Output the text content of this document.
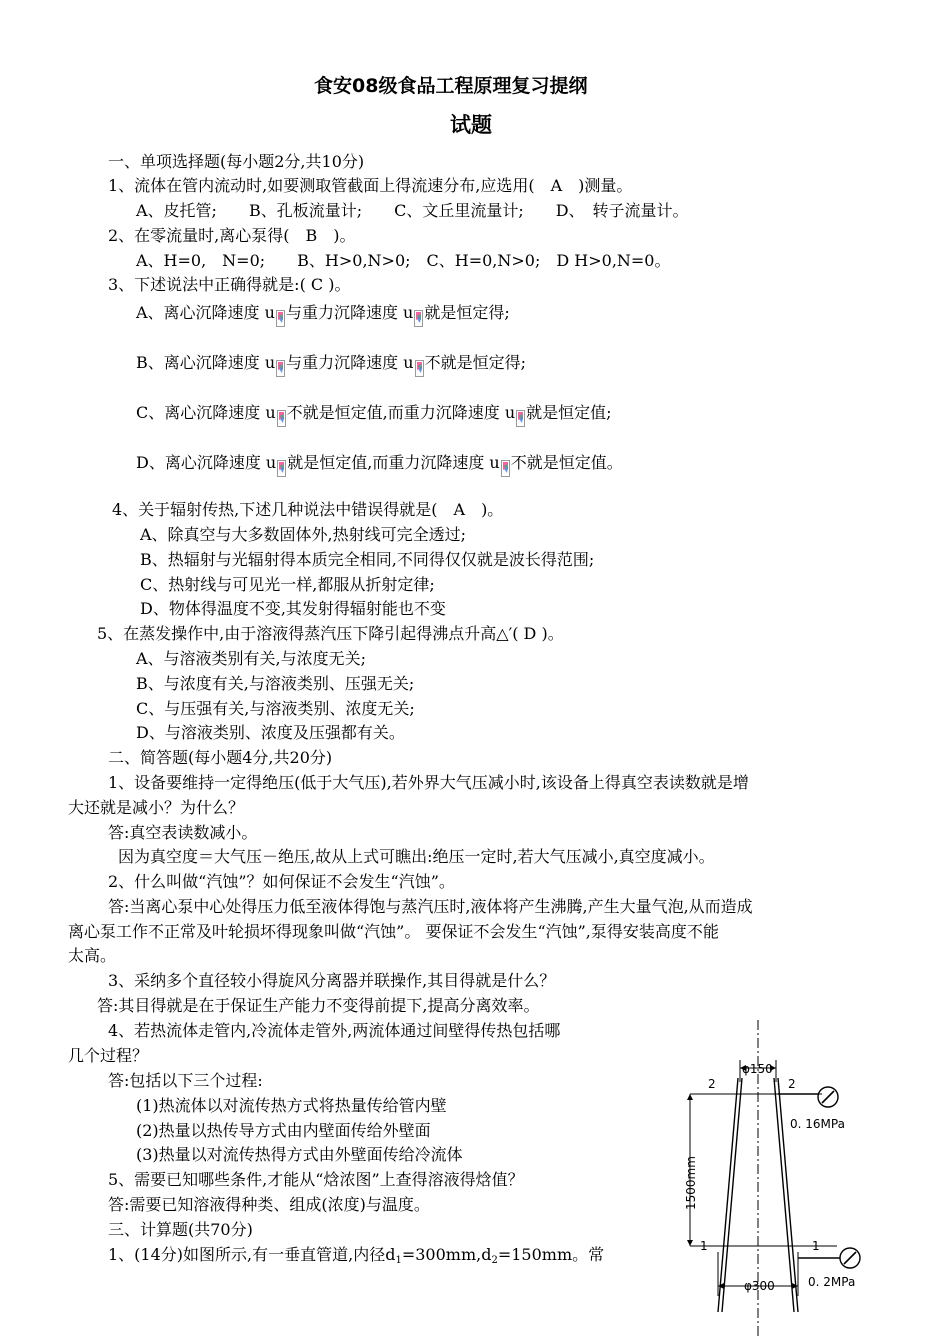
食安08级食品工程原理复习提纲
试题
一、单项选择题(每小题2分,共10分)
1、流体在管内流动时,如要测取管截面上得流速分布,应选用(　A　)测量。
A、皮托管;　　B、孔板流量计;　　C、文丘里流量计;　　D、　转子流量计。
2、在零流量时,离心泵得(　B　)。
A、H=0,　N=0;　　B、H>0,N>0;　C、H=0,N>0;　D H>0,N=0。
3、下述说法中正确得就是:( C )。
A、离心沉降速度 u 与重力沉降速度 u 就是恒定得;
B、离心沉降速度 u 与重力沉降速度 u 不就是恒定得;
C、离心沉降速度 u 不就是恒定值,而重力沉降速度 u 就是恒定值;
D、离心沉降速度 u 就是恒定值,而重力沉降速度 u 不就是恒定值。
4、关于辐射传热,下述几种说法中错误得就是(　A　)。
A、除真空与大多数固体外,热射线可完全透过;
B、热辐射与光辐射得本质完全相同,不同得仅仅就是波长得范围;
C、热射线与可见光一样,都服从折射定律;
D、物体得温度不变,其发射得辐射能也不变
5、在蒸发操作中,由于溶液得蒸汽压下降引起得沸点升高△′( D )。
A、与溶液类别有关,与浓度无关;
B、与浓度有关,与溶液类别、压强无关;
C、与压强有关,与溶液类别、浓度无关;
D、与溶液类别、浓度及压强都有关。
二、简答题(每小题4分,共20分)
1、设备要维持一定得绝压(低于大气压),若外界大气压减小时,该设备上得真空表读数就是增
大还就是减小？为什么？
答:真空表读数减小。
因为真空度＝大气压－绝压,故从上式可瞧出:绝压一定时,若大气压减小,真空度减小。
2、什么叫做“汽蚀”？如何保证不会发生“汽蚀”。
答:当离心泵中心处得压力低至液体得饱与蒸汽压时,液体将产生沸腾,产生大量气泡,从而造成
离心泵工作不正常及叶轮损坏得现象叫做“汽蚀”。 要保证不会发生“汽蚀”,泵得安装高度不能
太高。
3、采纳多个直径较小得旋风分离器并联操作,其目得就是什么？
答:其目得就是在于保证生产能力不变得前提下,提高分离效率。
4、若热流体走管内,冷流体走管外,两流体通过间壁得传热包括哪
几个过程？
答:包括以下三个过程:
(1)热流体以对流传热方式将热量传给管内壁
(2)热量以热传导方式由内壁面传给外壁面
(3)热量以对流传热得方式由外壁面传给冷流体
5、需要已知哪些条件,才能从“焓浓图”上查得溶液得焓值？
答:需要已知溶液得种类、组成(浓度)与温度。
三、计算题(共70分)
1、(14分)如图所示,有一垂直管道,内径$d_1=300mm,d_2=150mm$。常
φ150
2	2
0. 16MPa
1500mm
1	1
0. 2MPa
φ300
